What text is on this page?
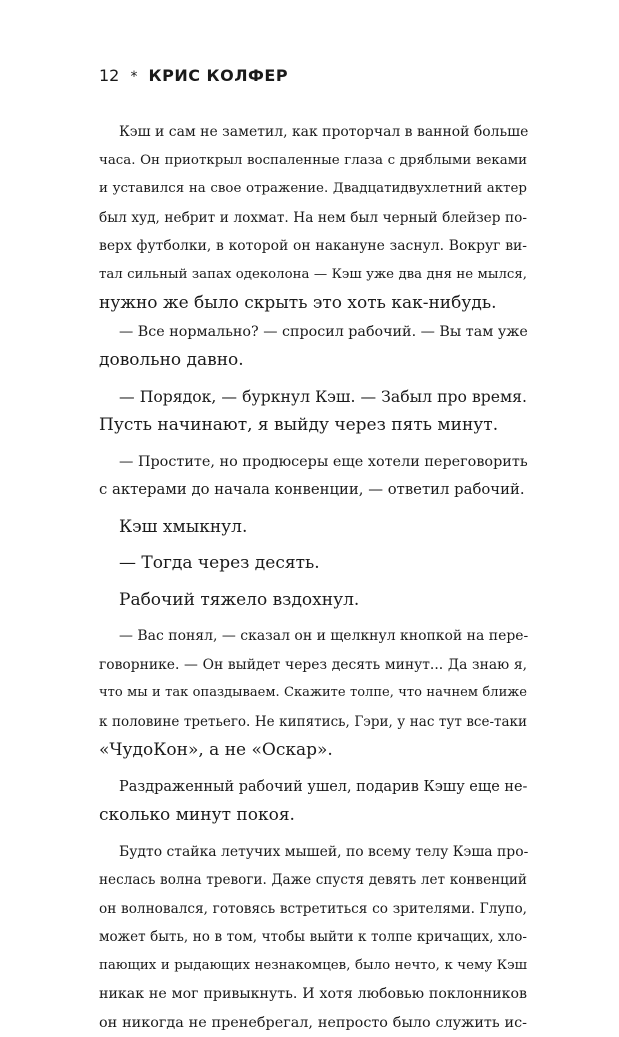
12 * КРИС КОЛФЕР
Кэш и сам не заметил, как проторчал в ванной больше
часа. Он приоткрыл воспаленные глаза с дряблыми веками
и уставился на свое отражение. Двадцатидвухлетний актер
был худ, небрит и лохмат. На нем был черный блейзер по-
верх футболки, в которой он накануне заснул. Вокруг ви-
тал сильный запах одеколона — Кэш уже два дня не мылся,
нужно же было скрыть это хоть как-нибудь.
— Все нормально? — спросил рабочий. — Вы там уже
довольно давно.
— Порядок, — буркнул Кэш. — Забыл про время.
Пусть начинают, я выйду через пять минут.
— Простите, но продюсеры еще хотели переговорить
с актерами до начала конвенции, — ответил рабочий.
Кэш хмыкнул.
— Тогда через десять.
Рабочий тяжело вздохнул.
— Вас понял, — сказал он и щелкнул кнопкой на пере-
говорнике. — Он выйдет через десять минут... Да знаю я,
что мы и так опаздываем. Скажите толпе, что начнем ближе
к половине третьего. Не кипятись, Гэри, у нас тут все-таки
«ЧудоКон», а не «Оскар».
Раздраженный рабочий ушел, подарив Кэшу еще не-
сколько минут покоя.
Будто стайка летучих мышей, по всему телу Кэша про-
неслась волна тревоги. Даже спустя девять лет конвенций
он волновался, готовясь встретиться со зрителями. Глупо,
может быть, но в том, чтобы выйти к толпе кричащих, хло-
пающих и рыдающих незнакомцев, было нечто, к чему Кэш
никак не мог привыкнуть. И хотя любовью поклонников
он никогда не пренебрегал, непросто было служить ис-
